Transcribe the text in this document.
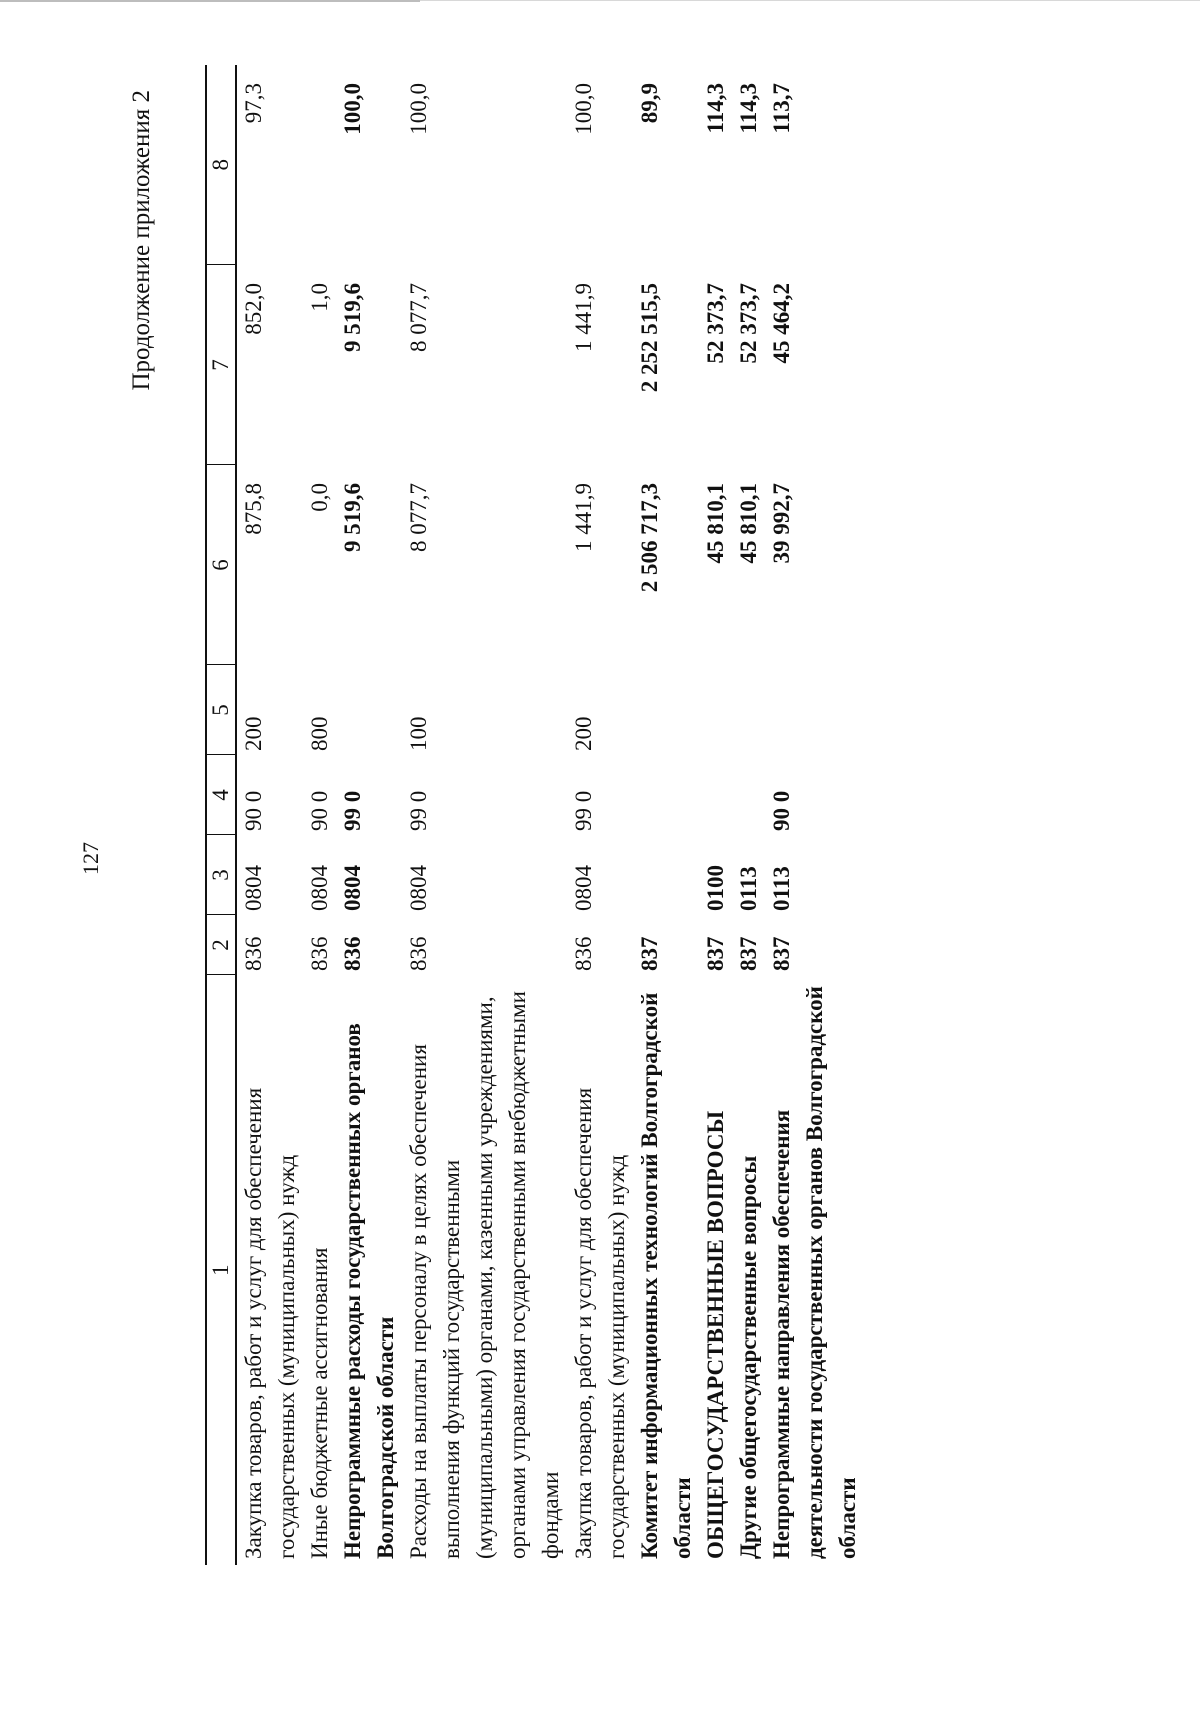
127
Продолжение приложения 2
1	2	3	4	5	6	7	8
Закупка товаров, работ и услуг для обеспечения государственных (муниципальных) нужд	836	0804	90 0	200	875,8	852,0	97,3
Иные бюджетные ассигнования	836	0804	90 0	800	0,0	1,0	
Непрограммные расходы государственных органов Волгоградской области	836	0804	99 0		9 519,6	9 519,6	100,0
Расходы на выплаты персоналу в целях обеспечения выполнения функций государственными (муниципальными) органами, казенными учреждениями, органами управления государственными внебюджетными фондами	836	0804	99 0	100	8 077,7	8 077,7	100,0
Закупка товаров, работ и услуг для обеспечения государственных (муниципальных) нужд	836	0804	99 0	200	1 441,9	1 441,9	100,0
Комитет информационных технологий Волгоградской области	837				2 506 717,3	2 252 515,5	89,9
ОБЩЕГОСУДАРСТВЕННЫЕ ВОПРОСЫ	837	0100			45 810,1	52 373,7	114,3
Другие общегосударственные вопросы	837	0113			45 810,1	52 373,7	114,3
Непрограммные направления обеспечения деятельности государственных органов Волгоградской области	837	0113	90 0		39 992,7	45 464,2	113,7
